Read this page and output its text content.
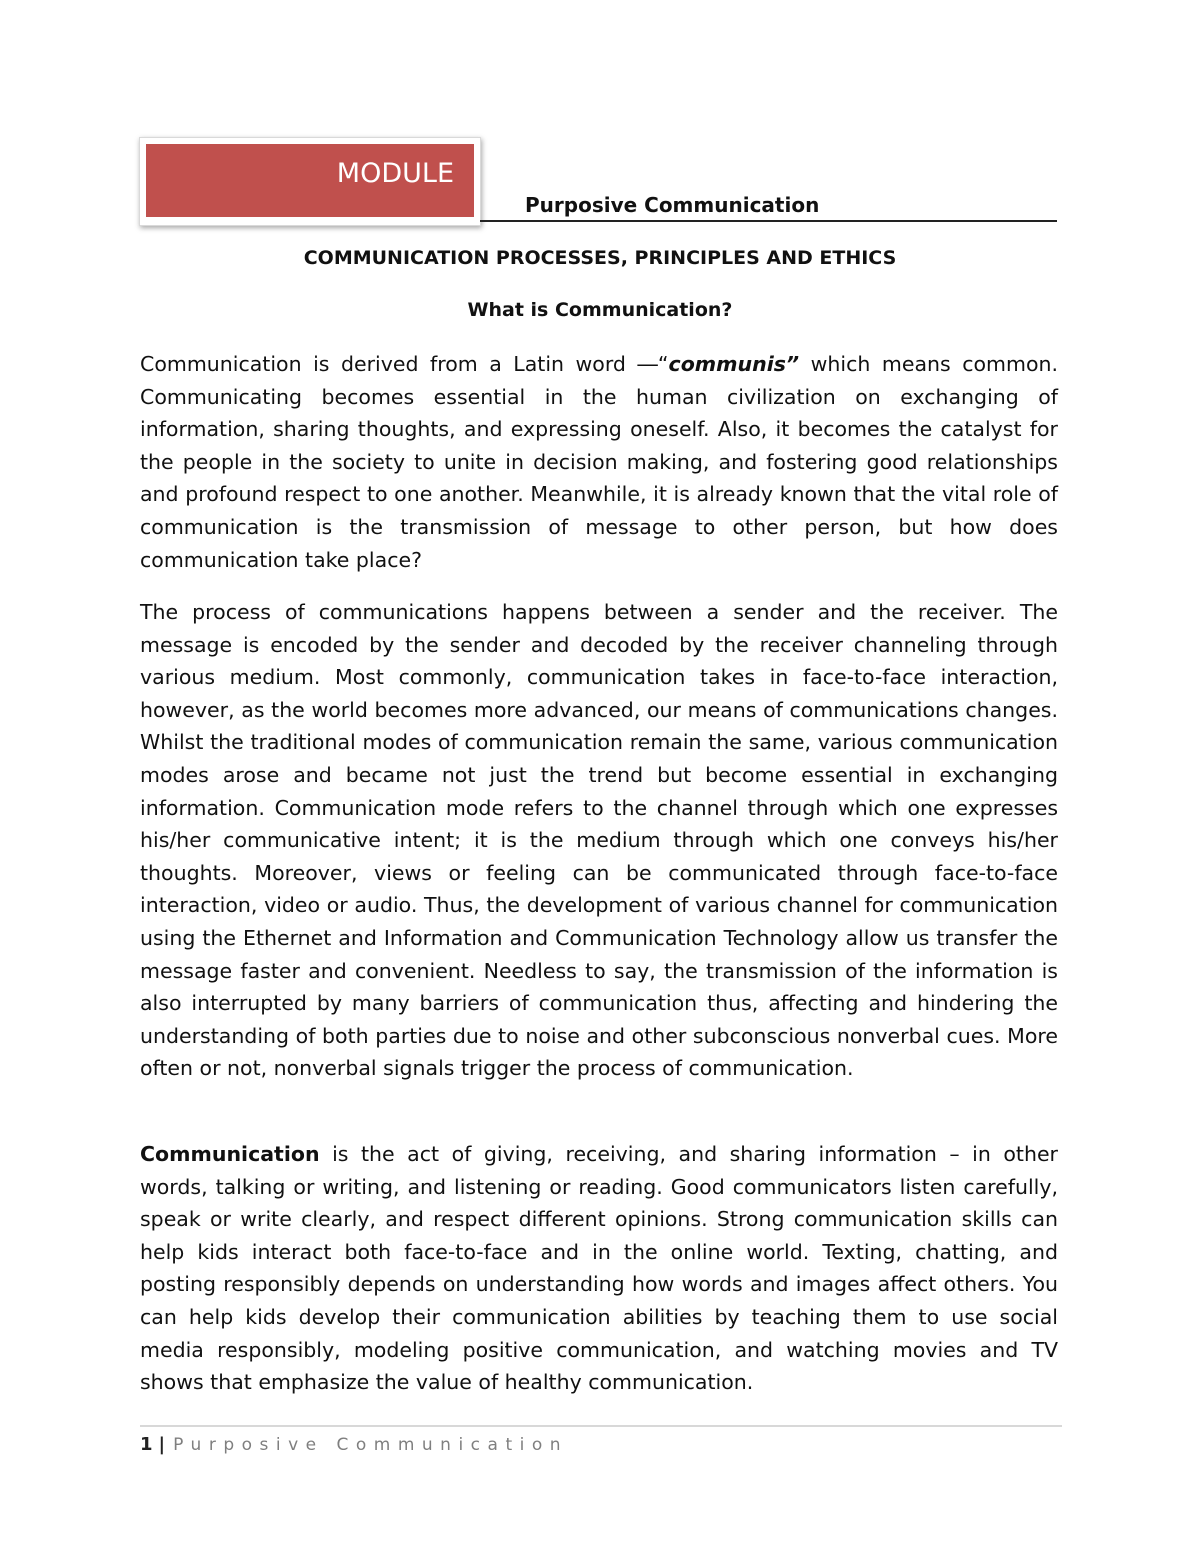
MODULE
Purposive Communication
COMMUNICATION PROCESSES, PRINCIPLES AND ETHICS
What is Communication?

Communication is derived from a Latin word ―“communis” which means common. Communicating becomes essential in the human civilization on exchanging of information, sharing thoughts, and expressing oneself. Also, it becomes the catalyst for the people in the society to unite in decision making, and fostering good relationships and profound respect to one another. Meanwhile, it is already known that the vital role of communication is the transmission of message to other person, but how does communication take place?

The process of communications happens between a sender and the receiver. The message is encoded by the sender and decoded by the receiver channeling through various medium. Most commonly, communication takes in face-to-face interaction, however, as the world becomes more advanced, our means of communications changes. Whilst the traditional modes of communication remain the same, various communication modes arose and became not just the trend but become essential in exchanging information. Communication mode refers to the channel through which one expresses his/her communicative intent; it is the medium through which one conveys his/her thoughts. Moreover, views or feeling can be communicated through face-to-face interaction, video or audio. Thus, the development of various channel for communication using the Ethernet and Information and Communication Technology allow us transfer the message faster and convenient. Needless to say, the transmission of the information is also interrupted by many barriers of communication thus, affecting and hindering the understanding of both parties due to noise and other subconscious nonverbal cues. More often or not, nonverbal signals trigger the process of communication.

Communication is the act of giving, receiving, and sharing information – in other words, talking or writing, and listening or reading. Good communicators listen carefully, speak or write clearly, and respect different opinions. Strong communication skills can help kids interact both face-to-face and in the online world. Texting, chatting, and posting responsibly depends on understanding how words and images affect others. You can help kids develop their communication abilities by teaching them to use social media responsibly, modeling positive communication, and watching movies and TV shows that emphasize the value of healthy communication.

1 | Purposive Communication
